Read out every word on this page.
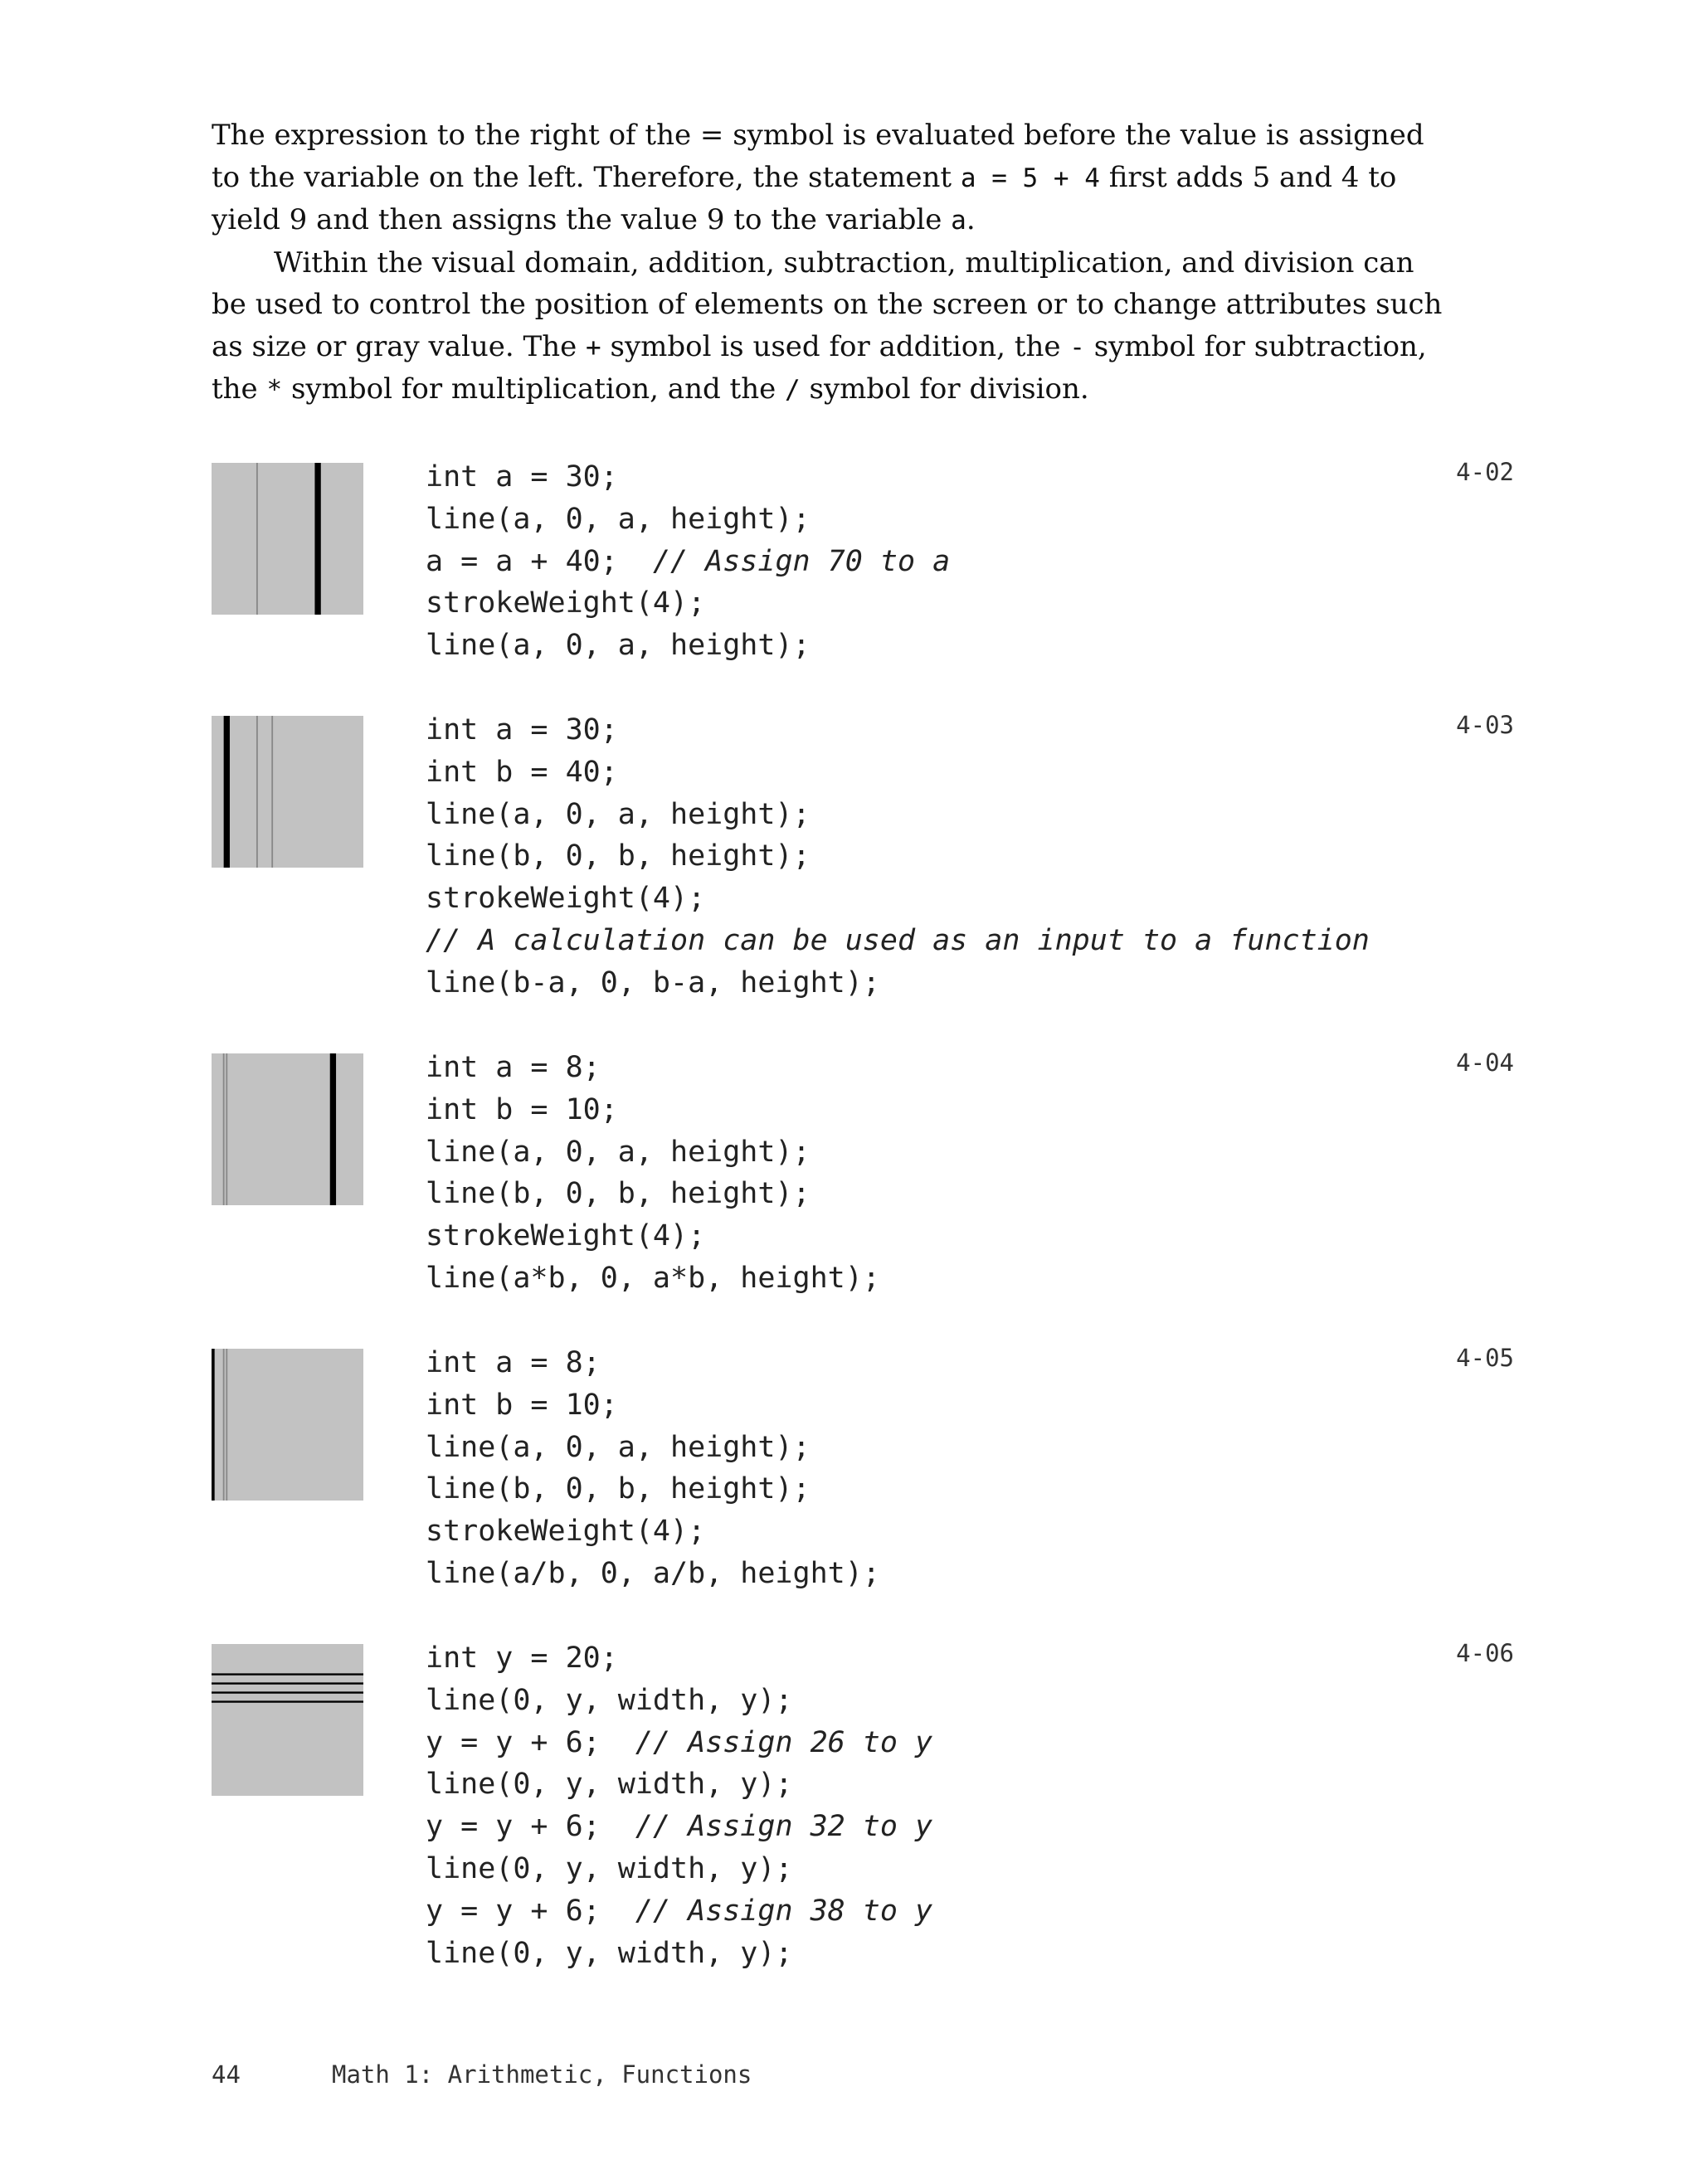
The expression to the right of the = symbol is evaluated before the value is assigned to the variable on the left. Therefore, the statement a = 5 + 4 first adds 5 and 4 to yield 9 and then assigns the value 9 to the variable a.

Within the visual domain, addition, subtraction, multiplication, and division can be used to control the position of elements on the screen or to change attributes such as size or gray value. The + symbol is used for addition, the - symbol for subtraction, the * symbol for multiplication, and the / symbol for division.

int a = 30;
line(a, 0, a, height);
a = a + 40;  // Assign 70 to a
strokeWeight(4);
line(a, 0, a, height);
4-02
int a = 30;
int b = 40;
line(a, 0, a, height);
line(b, 0, b, height);
strokeWeight(4);
// A calculation can be used as an input to a function
line(b-a, 0, b-a, height);
4-03
int a = 8;
int b = 10;
line(a, 0, a, height);
line(b, 0, b, height);
strokeWeight(4);
line(a*b, 0, a*b, height);
4-04
int a = 8;
int b = 10;
line(a, 0, a, height);
line(b, 0, b, height);
strokeWeight(4);
line(a/b, 0, a/b, height);
4-05
int y = 20;
line(0, y, width, y);
y = y + 6;  // Assign 26 to y
line(0, y, width, y);
y = y + 6;  // Assign 32 to y
line(0, y, width, y);
y = y + 6;  // Assign 38 to y
line(0, y, width, y);
4-06
44	Math 1: Arithmetic, Functions
